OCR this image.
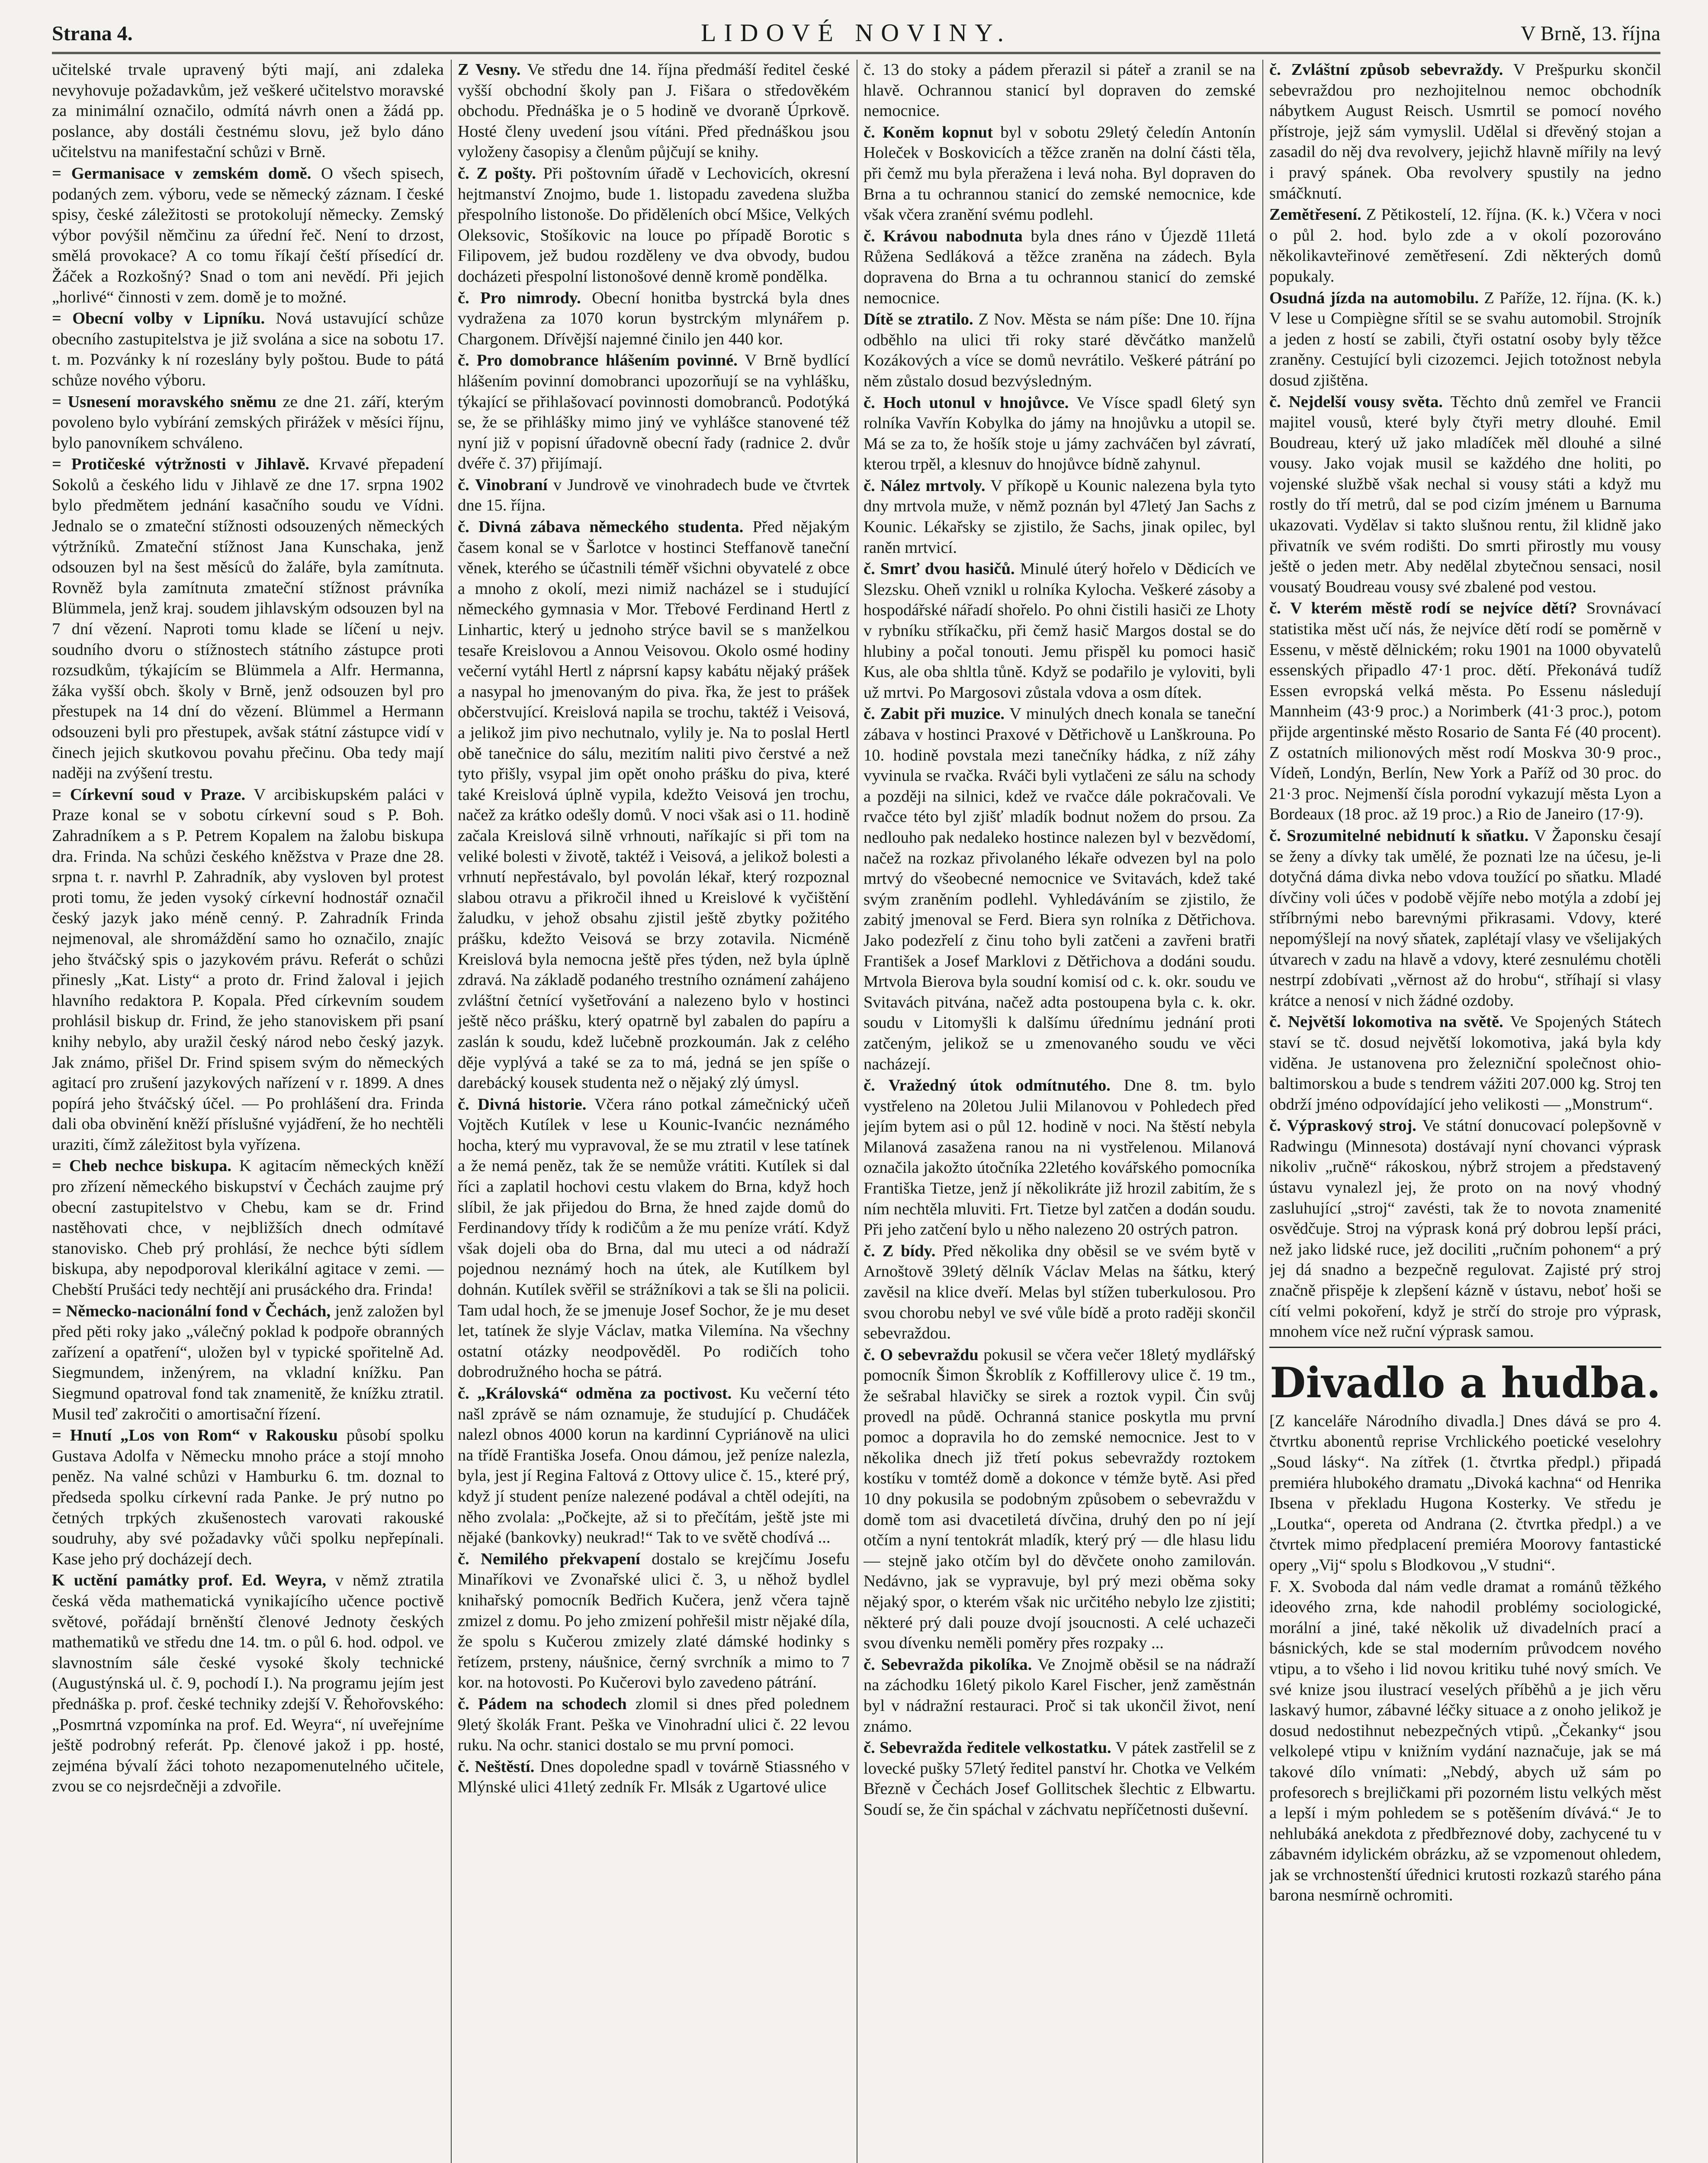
Strana 4.	LIDOVÉ NOVINY.	V Brně, 13. října

učitelské trvale upravený býti mají, ani zdaleka nevyhovuje požadavkům, jež veškeré učitelstvo moravské za minimální označilo, odmítá návrh onen a žádá pp. poslance, aby dostáli čestnému slovu, jež bylo dáno učitelstvu na manifestační schůzi v Brně.

= Germanisace v zemském domě. O všech spisech, podaných zem. výboru, vede se německý záznam. I české spisy, české záležitosti se protokolují německy. Zemský výbor povýšil němčinu za úřední řeč. Není to drzost, smělá provokace? A co tomu říkají čeští přísedící dr. Žáček a Rozkošný? Snad o tom ani nevědí. Při jejich „horlivé“ činnosti v zem. domě je to možné.

= Obecní volby v Lipníku. Nová ustavující schůze obecního zastupitelstva je již svolána a sice na sobotu 17. t. m. Pozvánky k ní rozeslány byly poštou. Bude to pátá schůze nového výboru.

= Usnesení moravského sněmu ze dne 21. září, kterým povoleno bylo vybírání zemských přirážek v měsíci říjnu, bylo panovníkem schváleno.

= Protičeské výtržnosti v Jihlavě. Krvavé přepadení Sokolů a českého lidu v Jihlavě ze dne 17. srpna 1902 bylo předmětem jednání kasačního soudu ve Vídni. Jednalo se o zmateční stížnosti odsouzených německých výtržníků. Zmateční stížnost Jana Kunschaka, jenž odsouzen byl na šest měsíců do žaláře, byla zamítnuta. Rovněž byla zamítnuta zmateční stížnost právníka Blümmela, jenž kraj. soudem jihlavským odsouzen byl na 7 dní vězení. Naproti tomu klade se líčení u nejv. soudního dvoru o stížnostech státního zástupce proti rozsudkům, týkajícím se Blümmela a Alfr. Hermanna, žáka vyšší obch. školy v Brně, jenž odsouzen byl pro přestupek na 14 dní do vězení. Blümmel a Hermann odsouzeni byli pro přestupek, avšak státní zástupce vidí v činech jejich skutkovou povahu přečinu. Oba tedy mají naději na zvýšení trestu.

= Církevní soud v Praze. V arcibiskupském paláci v Praze konal se v sobotu církevní soud s P. Boh. Zahradníkem a s P. Petrem Kopalem na žalobu biskupa dra. Frinda. Na schůzi českého kněžstva v Praze dne 28. srpna t. r. navrhl P. Zahradník, aby vysloven byl protest proti tomu, že jeden vysoký církevní hodnostář označil český jazyk jako méně cenný. P. Zahradník Frinda nejmenoval, ale shromáždění samo ho označilo, znajíc jeho štváčský spis o jazykovém právu. Referát o schůzi přinesly „Kat. Listy“ a proto dr. Frind žaloval i jejich hlavního redaktora P. Kopala. Před církevním soudem prohlásil biskup dr. Frind, že jeho stanoviskem při psaní knihy nebylo, aby uražil český národ nebo český jazyk. Jak známo, přišel Dr. Frind spisem svým do německých agitací pro zrušení jazykových nařízení v r. 1899. A dnes popírá jeho štváčský účel. — Po prohlášení dra. Frinda dali oba obvinění kněží příslušné vyjádření, že ho nechtěli uraziti, čímž záležitost byla vyřízena.

= Cheb nechce biskupa. K agitacím německých kněží pro zřízení německého biskupství v Čechách zaujme prý obecní zastupitelstvo v Chebu, kam se dr. Frind nastěhovati chce, v nejbližších dnech odmítavé stanovisko. Cheb prý prohlásí, že nechce býti sídlem biskupa, aby nepodporoval klerikální agitace v zemi. — Chebští Prušáci tedy nechtějí ani prusáckého dra. Frinda!

= Německo-nacionální fond v Čechách, jenž založen byl před pěti roky jako „válečný poklad k podpoře obranných zařízení a opatření“, uložen byl v typické spořitelně Ad. Siegmundem, inženýrem, na vkladní knížku. Pan Siegmund opatroval fond tak znamenitě, že knížku ztratil. Musil teď zakročiti o amortisační řízení.

= Hnutí „Los von Rom“ v Rakousku působí spolku Gustava Adolfa v Německu mnoho práce a stojí mnoho peněz. Na valné schůzi v Hamburku 6. tm. doznal to předseda spolku církevní rada Panke. Je prý nutno po četných trpkých zkušenostech varovati rakouské soudruhy, aby své požadavky vůči spolku nepřepínali. Kase jeho prý docházejí dech.

K uctění památky prof. Ed. Weyra, v němž ztratila česká věda mathematická vynikajícího učence poctivě světové, pořádají brněnští členové Jednoty českých mathematiků ve středu dne 14. tm. o půl 6. hod. odpol. ve slavnostním sále české vysoké školy technické (Augustýnská ul. č. 9, pochodí I.). Na programu jejím jest přednáška p. prof. české techniky zdejší V. Řehořovského: „Posmrtná vzpomínka na prof. Ed. Weyra“, ní uveřejníme ještě podrobný referát. Pp. členové jakož i pp. hosté, zejména bývalí žáci tohoto nezapomenutelného učitele, zvou se co nejsrdečněji a zdvořile.

Z Vesny. Ve středu dne 14. října předmáší ředitel české vyšší obchodní školy pan J. Fišara o středověkém obchodu. Přednáška je o 5 hodině ve dvoraně Úprkově. Hosté členy uvedení jsou vítáni. Před přednáškou jsou vyloženy časopisy a členům půjčují se knihy.

č. Z pošty. Při poštovním úřadě v Lechovicích, okresní hejtmanství Znojmo, bude 1. listopadu zavedena služba přespolního listonoše. Do přiděleních obcí Mšice, Velkých Oleksovic, Stošíkovic na louce po případě Borotic s Filipovem, jež budou rozděleny ve dva obvody, budou docházeti přespolní listonošové denně kromě pondělka.

č. Pro nimrody. Obecní honitba bystrcká byla dnes vydražena za 1070 korun bystrckým mlynářem p. Chargonem. Dřívější najemné činilo jen 440 kor.

č. Pro domobrance hlášením povinné. V Brně bydlící hlášením povinní domobranci upozorňují se na vyhlášku, týkající se přihlašovací povinnosti domobranců. Podotýká se, že se přihlášky mimo jiný ve vyhlášce stanovené též nyní již v popisní úřadovně obecní řady (radnice 2. dvůr dvéře č. 37) přijímají.

č. Vinobraní v Jundrově ve vinohradech bude ve čtvrtek dne 15. října.

č. Divná zábava německého studenta. Před nějakým časem konal se v Šarlotce v hostinci Steffanově taneční věnek, kterého se účastnili téměř všichni obyvatelé z obce a mnoho z okolí, mezi nimiž nacházel se i studující německého gymnasia v Mor. Třebové Ferdinand Hertl z Linhartic, který u jednoho strýce bavil se s manželkou tesaře Kreislovou a Annou Veisovou. Okolo osmé hodiny večerní vytáhl Hertl z náprsní kapsy kabátu nějaký prášek a nasypal ho jmenovaným do piva. řka, že jest to prášek občerstvující. Kreislová napila se trochu, taktéž i Veisová, a jelikož jim pivo nechutnalo, vylily je. Na to poslal Hertl obě tanečnice do sálu, mezitím naliti pivo čerstvé a než tyto přišly, vsypal jim opět onoho prášku do piva, které také Kreislová úplně vypila, kdežto Veisová jen trochu, načež za krátko odešly domů. V noci však asi o 11. hodině začala Kreislová silně vrhnouti, naříkajíc si při tom na veliké bolesti v životě, taktéž i Veisová, a jelikož bolesti a vrhnutí nepřestávalo, byl povolán lékař, který rozpoznal slabou otravu a přikročil ihned u Kreislové k vyčištění žaludku, v jehož obsahu zjistil ještě zbytky požitého prášku, kdežto Veisová se brzy zotavila. Nicméně Kreislová byla nemocna ještě přes týden, než byla úplně zdravá. Na základě podaného trestního oznámení zahájeno zvláštní četnící vyšetřování a nalezeno bylo v hostinci ještě něco prášku, který opatrně byl zabalen do papíru a zaslán k soudu, kdež lučebně prozkoumán. Jak z celého děje vyplývá a také se za to má, jedná se jen spíše o darebácký kousek studenta než o nějaký zlý úmysl.

č. Divná historie. Včera ráno potkal zámečnický učeň Vojtěch Kutílek v lese u Kounic-Ivanćic neznámého hocha, který mu vypravoval, že se mu ztratil v lese tatínek a že nemá peněz, tak že se nemůže vrátiti. Kutílek si dal říci a zaplatil hochovi cestu vlakem do Brna, když hoch slíbil, že jak přijedou do Brna, že hned zajde domů do Ferdinandovy třídy k rodičům a že mu peníze vrátí. Když však dojeli oba do Brna, dal mu uteci a od nádraží pojednou neznámý hoch na útek, ale Kutílkem byl dohnán. Kutílek svěřil se strážníkovi a tak se šli na policii. Tam udal hoch, že se jmenuje Josef Sochor, že je mu deset let, tatínek že slyje Václav, matka Vilemína. Na všechny ostatní otázky neodpověděl. Po rodičích toho dobrodružného hocha se pátrá.

č. „Královská“ odměna za poctivost. Ku večerní této našl zprávě se nám oznamuje, že studující p. Chudáček nalezl obnos 4000 korun na kardinní Cypriánově na ulici na třídě Františka Josefa. Onou dámou, jež peníze nalezla, byla, jest jí Regina Faltová z Ottovy ulice č. 15., které prý, když jí student peníze nalezené podával a chtěl odejíti, na něho zvolala: „Počkejte, až si to přečítám, ještě jste mi nějaké (bankovky) neukrad!“ Tak to ve světě chodívá ...

č. Nemilého překvapení dostalo se krejčímu Josefu Minaříkovi ve Zvonařské ulici č. 3, u něhož bydlel knihařský pomocník Bedřich Kučera, jenž včera tajně zmizel z domu. Po jeho zmizení pohřešil mistr nějaké díla, že spolu s Kučerou zmizely zlaté dámské hodinky s řetízem, prsteny, náušnice, černý svrchník a mimo to 7 kor. na hotovosti. Po Kučerovi bylo zavedeno pátrání.

č. Pádem na schodech zlomil si dnes před polednem 9letý školák Frant. Peška ve Vinohradní ulici č. 22 levou ruku. Na ochr. stanici dostalo se mu první pomoci.

č. Neštěstí. Dnes dopoledne spadl v továrně Stiassného v Mlýnské ulici 41letý zedník Fr. Mlsák z Ugartové ulice

č. 13 do stoky a pádem přerazil si páteř a zranil se na hlavě. Ochrannou stanicí byl dopraven do zemské nemocnice.

č. Koněm kopnut byl v sobotu 29letý čeledín Antonín Holeček v Boskovicích a těžce zraněn na dolní části těla, při čemž mu byla přeražena i levá noha. Byl dopraven do Brna a tu ochrannou stanicí do zemské nemocnice, kde však včera zranění svému podlehl.

č. Krávou nabodnuta byla dnes ráno v Újezdě 11letá Růžena Sedláková a těžce zraněna na zádech. Byla dopravena do Brna a tu ochrannou stanicí do zemské nemocnice.

Dítě se ztratilo. Z Nov. Města se nám píše: Dne 10. října odběhlo na ulici tři roky staré děvčátko manželů Kozákových a více se domů nevrátilo. Veškeré pátrání po něm zůstalo dosud bezvýsledným.

č. Hoch utonul v hnojůvce. Ve Vísce spadl 6letý syn rolníka Vavřín Kobylka do jámy na hnojůvku a utopil se. Má se za to, že hošík stoje u jámy zachváčen byl závratí, kterou trpěl, a klesnuv do hnojůvce bídně zahynul.

č. Nález mrtvoly. V příkopě u Kounic nalezena byla tyto dny mrtvola muže, v němž poznán byl 47letý Jan Sachs z Kounic. Lékařsky se zjistilo, že Sachs, jinak opilec, byl raněn mrtvicí.

č. Smrť dvou hasičů. Minulé úterý hořelo v Dědicích ve Slezsku. Oheň vznikl u rolníka Kylocha. Veškeré zásoby a hospodářské nářadí shořelo. Po ohni čistili hasiči ze Lhoty v rybníku stříkačku, při čemž hasič Margos dostal se do hlubiny a počal tonouti. Jemu přispěl ku pomoci hasič Kus, ale oba shltla tůně. Když se podařilo je vyloviti, byli už mrtvi. Po Margosovi zůstala vdova a osm dítek.

č. Zabit při muzice. V minulých dnech konala se taneční zábava v hostinci Praxové v Dětřichově u Lanškrouna. Po 10. hodině povstala mezi tanečníky hádka, z níž záhy vyvinula se rvačka. Rváči byli vytlačeni ze sálu na schody a později na silnici, kdež ve rvačce dále pokračovali. Ve rvačce této byl zjišť mladík bodnut nožem do prsou. Za nedlouho pak nedaleko hostince nalezen byl v bezvědomí, načež na rozkaz přivolaného lékaře odvezen byl na polo mrtvý do všeobecné nemocnice ve Svitavách, kdež také svým zraněním podlehl. Vyhledáváním se zjistilo, že zabitý jmenoval se Ferd. Biera syn rolníka z Dětřichova. Jako podezřelí z činu toho byli zatčeni a zavřeni bratři František a Josef Marklovi z Dětřichova a dodáni soudu. Mrtvola Bierova byla soudní komisí od c. k. okr. soudu ve Svitavách pitvána, načež adta postoupena byla c. k. okr. soudu v Litomyšli k dalšímu úřednímu jednání proti zatčeným, jelikož se u zmenovaného soudu ve věci nacházejí.

č. Vražedný útok odmítnutého. Dne 8. tm. bylo vystřeleno na 20letou Julii Milanovou v Pohledech před jejím bytem asi o půl 12. hodině v noci. Na štěstí nebyla Milanová zasažena ranou na ni vystřelenou. Milanová označila jakožto útočníka 22letého kovářského pomocníka Františka Tietze, jenž jí několikráte již hrozil zabitím, že s ním nechtěla mluviti. Frt. Tietze byl zatčen a dodán soudu. Při jeho zatčení bylo u něho nalezeno 20 ostrých patron.

č. Z bídy. Před několika dny oběsil se ve svém bytě v Arnoštově 39letý dělník Václav Melas na šátku, který zavěsil na klice dveří. Melas byl stížen tuberkulosou. Pro svou chorobu nebyl ve své vůle bídě a proto raději skončil sebevraždou.

č. O sebevraždu pokusil se včera večer 18letý mydlářský pomocník Šimon Škroblík z Koffillerovy ulice č. 19 tm., že sešrabal hlavičky se sirek a roztok vypil. Čin svůj provedl na půdě. Ochranná stanice poskytla mu první pomoc a dopravila ho do zemské nemocnice. Jest to v několika dnech již třetí pokus sebevraždy roztokem kostíku v tomtéž domě a dokonce v témže bytě. Asi před 10 dny pokusila se podobným způsobem o sebevraždu v domě tom asi dvacetiletá dívčina, druhý den po ní její otčím a nyní tentokrát mladík, který prý — dle hlasu lidu — stejně jako otčím byl do děvčete onoho zamilován. Nedávno, jak se vypravuje, byl prý mezi oběma soky nějaký spor, o kterém však nic určitého nebylo lze zjistiti; některé prý dali pouze dvojí jsoucnosti. A celé uchazeči svou dívenku neměli poměry přes rozpaky ...

č. Sebevražda pikolíka. Ve Znojmě oběsil se na nádraží na záchodku 16letý pikolo Karel Fischer, jenž zaměstnán byl v nádražní restauraci. Proč si tak ukončil život, není známo.

č. Sebevražda ředitele velkostatku. V pátek zastřelil se z lovecké pušky 57letý ředitel panství hr. Chotka ve Velkém Březně v Čechách Josef Gollitschek šlechtic z Elbwartu. Soudí se, že čin spáchal v záchvatu nepříčetnosti duševní.

č. Zvláštní způsob sebevraždy. V Prešpurku skončil sebevraždou pro nezhojitelnou nemoc obchodník nábytkem August Reisch. Usmrtil se pomocí nového přístroje, jejž sám vymyslil. Udělal si dřevěný stojan a zasadil do něj dva revolvery, jejichž hlavně mířily na levý i pravý spánek. Oba revolvery spustily na jedno smáčknutí.

Zemětřesení. Z Pětikostelí, 12. října. (K. k.) Včera v noci o půl 2. hod. bylo zde a v okolí pozorováno několikavteřinové zemětřesení. Zdi některých domů popukaly.

Osudná jízda na automobilu. Z Paříže, 12. října. (K. k.) V lese u Compiègne sřítil se se svahu automobil. Strojník a jeden z hostí se zabili, čtyři ostatní osoby byly těžce zraněny. Cestující byli cizozemci. Jejich totožnost nebyla dosud zjištěna.

č. Nejdelší vousy světa. Těchto dnů zemřel ve Francii majitel vousů, které byly čtyři metry dlouhé. Emil Boudreau, který už jako mladíček měl dlouhé a silné vousy. Jako vojak musil se každého dne holiti, po vojenské službě však nechal si vousy státi a když mu rostly do tří metrů, dal se pod cizím jménem u Barnuma ukazovati. Vydělav si takto slušnou rentu, žil klidně jako přivatník ve svém rodišti. Do smrti přirostly mu vousy ještě o jeden metr. Aby nedělal zbytečnou sensaci, nosil vousatý Boudreau vousy své zbalené pod vestou.

č. V kterém městě rodí se nejvíce dětí? Srovnávací statistika měst učí nás, že nejvíce dětí rodí se poměrně v Essenu, v městě dělnickém; roku 1901 na 1000 obyvatelů essenských připadlo 47·1 proc. dětí. Překonává tudíž Essen evropská velká města. Po Essenu následují Mannheim (43·9 proc.) a Norimberk (41·3 proc.), potom přijde argentinské město Rosario de Santa Fé (40 procent). Z ostatních milionových měst rodí Moskva 30·9 proc., Vídeň, Londýn, Berlín, New York a Paříž od 30 proc. do 21·3 proc. Nejmenší čísla porodní vykazují města Lyon a Bordeaux (18 proc. až 19 proc.) a Rio de Janeiro (17·9).

č. Srozumitelné nebidnutí k sňatku. V Žaponsku česají se ženy a dívky tak umělé, že poznati lze na účesu, je-li dotyčná dáma divka nebo vdova toužící po sňatku. Mladé dívčiny voli účes v podobě vějíře nebo motýla a zdobí jej stříbrnými nebo barevnými přikrasami. Vdovy, které nepomýšlejí na nový sňatek, zaplétají vlasy ve všelijakých útvarech v zadu na hlavě a vdovy, které zesnulému chotěli nestrpí zdobívati „věrnost až do hrobu“, stříhají si vlasy krátce a nenosí v nich žádné ozdoby.

č. Největší lokomotiva na světě. Ve Spojených Státech staví se tč. dosud největší lokomotiva, jaká byla kdy viděna. Je ustanovena pro železniční společnost ohio-baltimorskou a bude s tendrem vážiti 207.000 kg. Stroj ten obdrží jméno odpovídající jeho velikosti — „Monstrum“.

č. Výpraskový stroj. Ve státní donucovací polepšovně v Radwingu (Minnesota) dostávají nyní chovanci výprask nikoliv „ručně“ rákoskou, nýbrž strojem a představený ústavu vynalezl jej, že proto on na nový vhodný zasluhující „stroj“ zavésti, tak že to novota znamenité osvědčuje. Stroj na výprask koná prý dobrou lepší práci, než jako lidské ruce, jež dociliti „ručním pohonem“ a prý jej dá snadno a bezpečně regulovat. Zajisté prý stroj značně přispěje k zlepšení kázně v ústavu, neboť hoši se cítí velmi pokoření, když je strčí do stroje pro výprask, mnohem více než ruční výprask samou.

Divadlo a hudba.

[Z kanceláře Národního divadla.] Dnes dává se pro 4. čtvrtku abonentů reprise Vrchlického poetické veselohry „Soud lásky“. Na zítřek (1. čtvrtka předpl.) připadá premiéra hlubokého dramatu „Divoká kachna“ od Henrika Ibsena v překladu Hugona Kosterky. Ve středu je „Loutka“, opereta od Andrana (2. čtvrtka předpl.) a ve čtvrtek mimo předplacení premiéra Moorovy fantastické opery „Vij“ spolu s Blodkovou „V studni“.

F. X. Svoboda dal nám vedle dramat a románů těžkého ideového zrna, kde nahodil problémy sociologické, morální a jiné, také několik už divadelních prací a básnických, kde se stal moderním průvodcem nového vtipu, a to všeho i lid novou kritiku tuhé nový smích. Ve své knize jsou ilustrací veselých příběhů a je jich věru laskavý humor, zábavné léčky situace a z onoho jelikož je dosud nedostihnut nebezpečných vtipů. „Čekanky“ jsou velkolepé vtipu v knižním vydání naznačuje, jak se má takové dílo vnímati: „Nebdý, abych už sám po profesorech s brejličkami při pozorném listu velkých měst a lepší i mým pohledem se s potěšením dívává.“ Je to nehlubáká anekdota z předbřeznové doby, zachycené tu v zábavném idylickém obrázku, až se vzpomenout ohledem, jak se vrchnostenští úřednici krutosti rozkazů starého pána barona nesmírně ochromiti.
